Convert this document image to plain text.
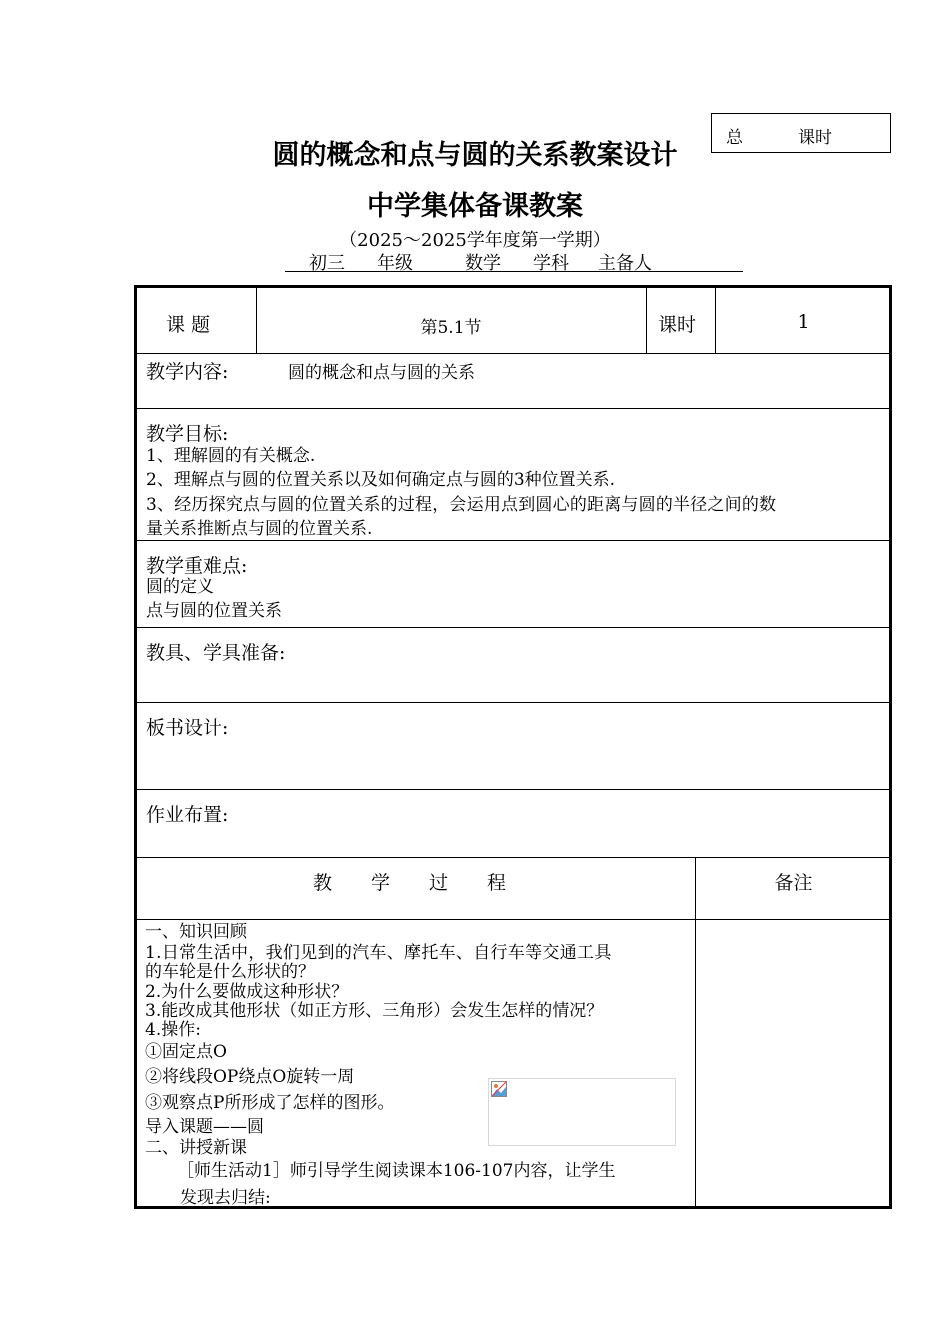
总	课时
圆的概念和点与圆的关系教案设计
中学集体备课教案
（2025～2025学年度第一学期）
初三 年级	数学 学科 主备人
课 题	第5.1节	课时	1
教学内容:	圆的概念和点与圆的关系
教学目标:
1、理解圆的有关概念.
2、理解点与圆的位置关系以及如何确定点与圆的3种位置关系.
3、经历探究点与圆的位置关系的过程，会运用点到圆心的距离与圆的半径之间的数
量关系推断点与圆的位置关系.
教学重难点:
圆的定义
点与圆的位置关系
教具、学具准备:
板书设计:
作业布置:
教　学　过　程	备注
一、知识回顾
1.日常生活中，我们见到的汽车、摩托车、自行车等交通工具
的车轮是什么形状的？
2.为什么要做成这种形状？
3.能改成其他形状（如正方形、三角形）会发生怎样的情况？
4.操作:
①固定点O
②将线段OP绕点O旋转一周
③观察点P所形成了怎样的图形。
导入课题——圆
二、讲授新课
［师生活动1］师引导学生阅读课本106-107内容，让学生
发现去归结:
